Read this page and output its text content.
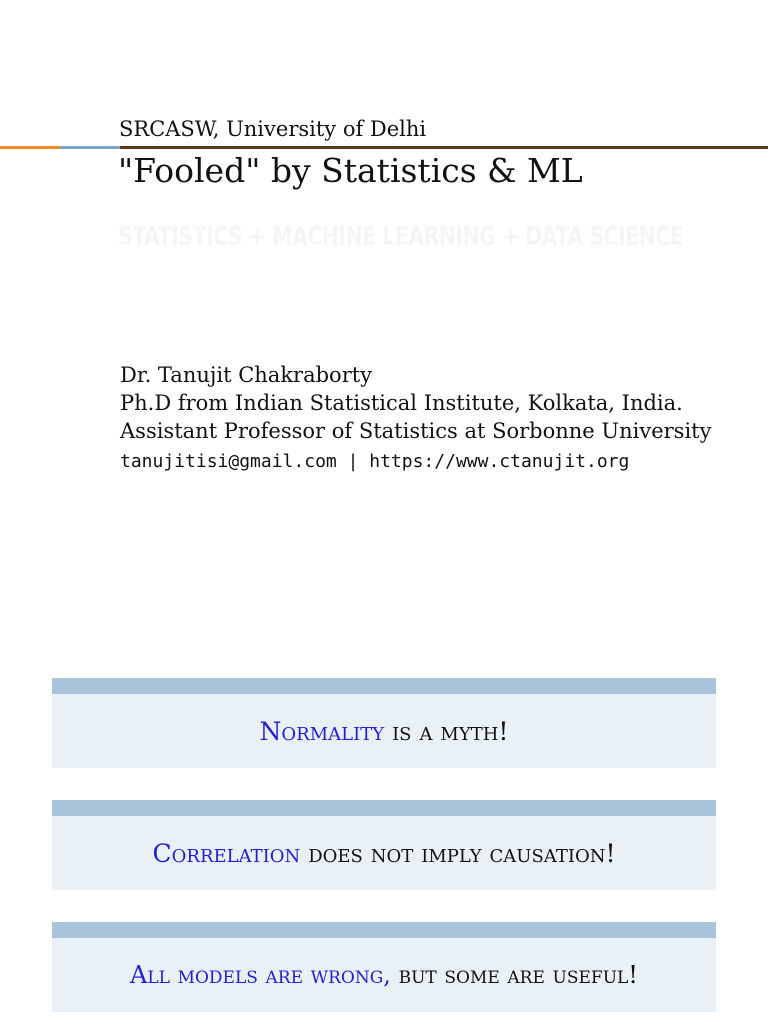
SRCASW, University of Delhi
"Fooled" by Statistics & ML
STATISTICS + MACHINE LEARNING + DATA SCIENCE
Dr. Tanujit Chakraborty
Ph.D from Indian Statistical Institute, Kolkata, India.
Assistant Professor of Statistics at Sorbonne University
tanujitisi@gmail.com | https://www.ctanujit.org
Normality
is a myth!
Correlation
does not imply causation!
All models are wrong,
but some are useful!
